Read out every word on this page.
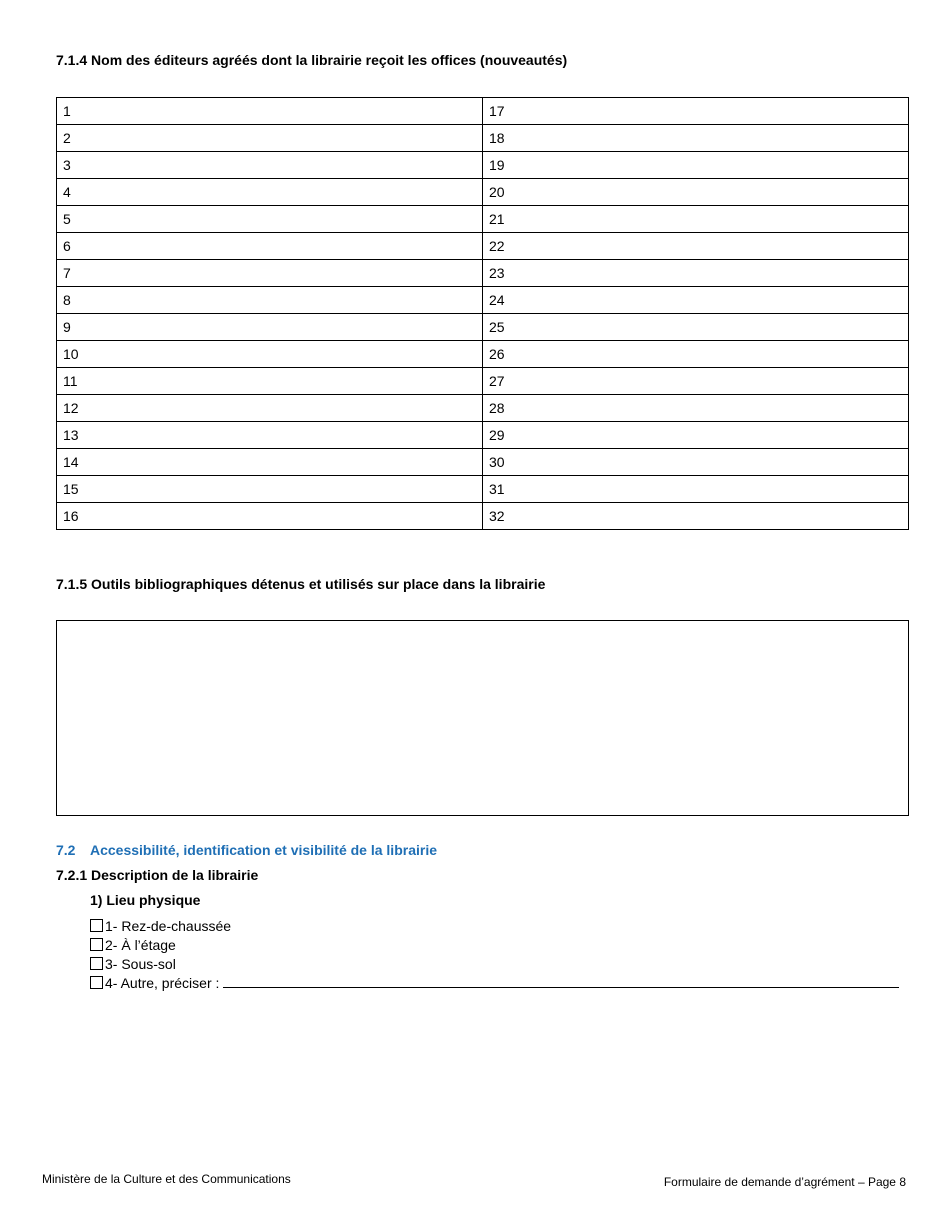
7.1.4 Nom des éditeurs agréés dont la librairie reçoit les offices (nouveautés)
1	17
2	18
3	19
4	20
5	21
6	22
7	23
8	24
9	25
10	26
11	27
12	28
13	29
14	30
15	31
16	32
7.1.5 Outils bibliographiques détenus et utilisés sur place dans la librairie
7.2 Accessibilité, identification et visibilité de la librairie
7.2.1 Description de la librairie
1) Lieu physique
1- Rez-de-chaussée
2- À l’étage
3- Sous-sol
4- Autre, préciser :
Ministère de la Culture et des Communications	Formulaire de demande d’agrément – Page 8
